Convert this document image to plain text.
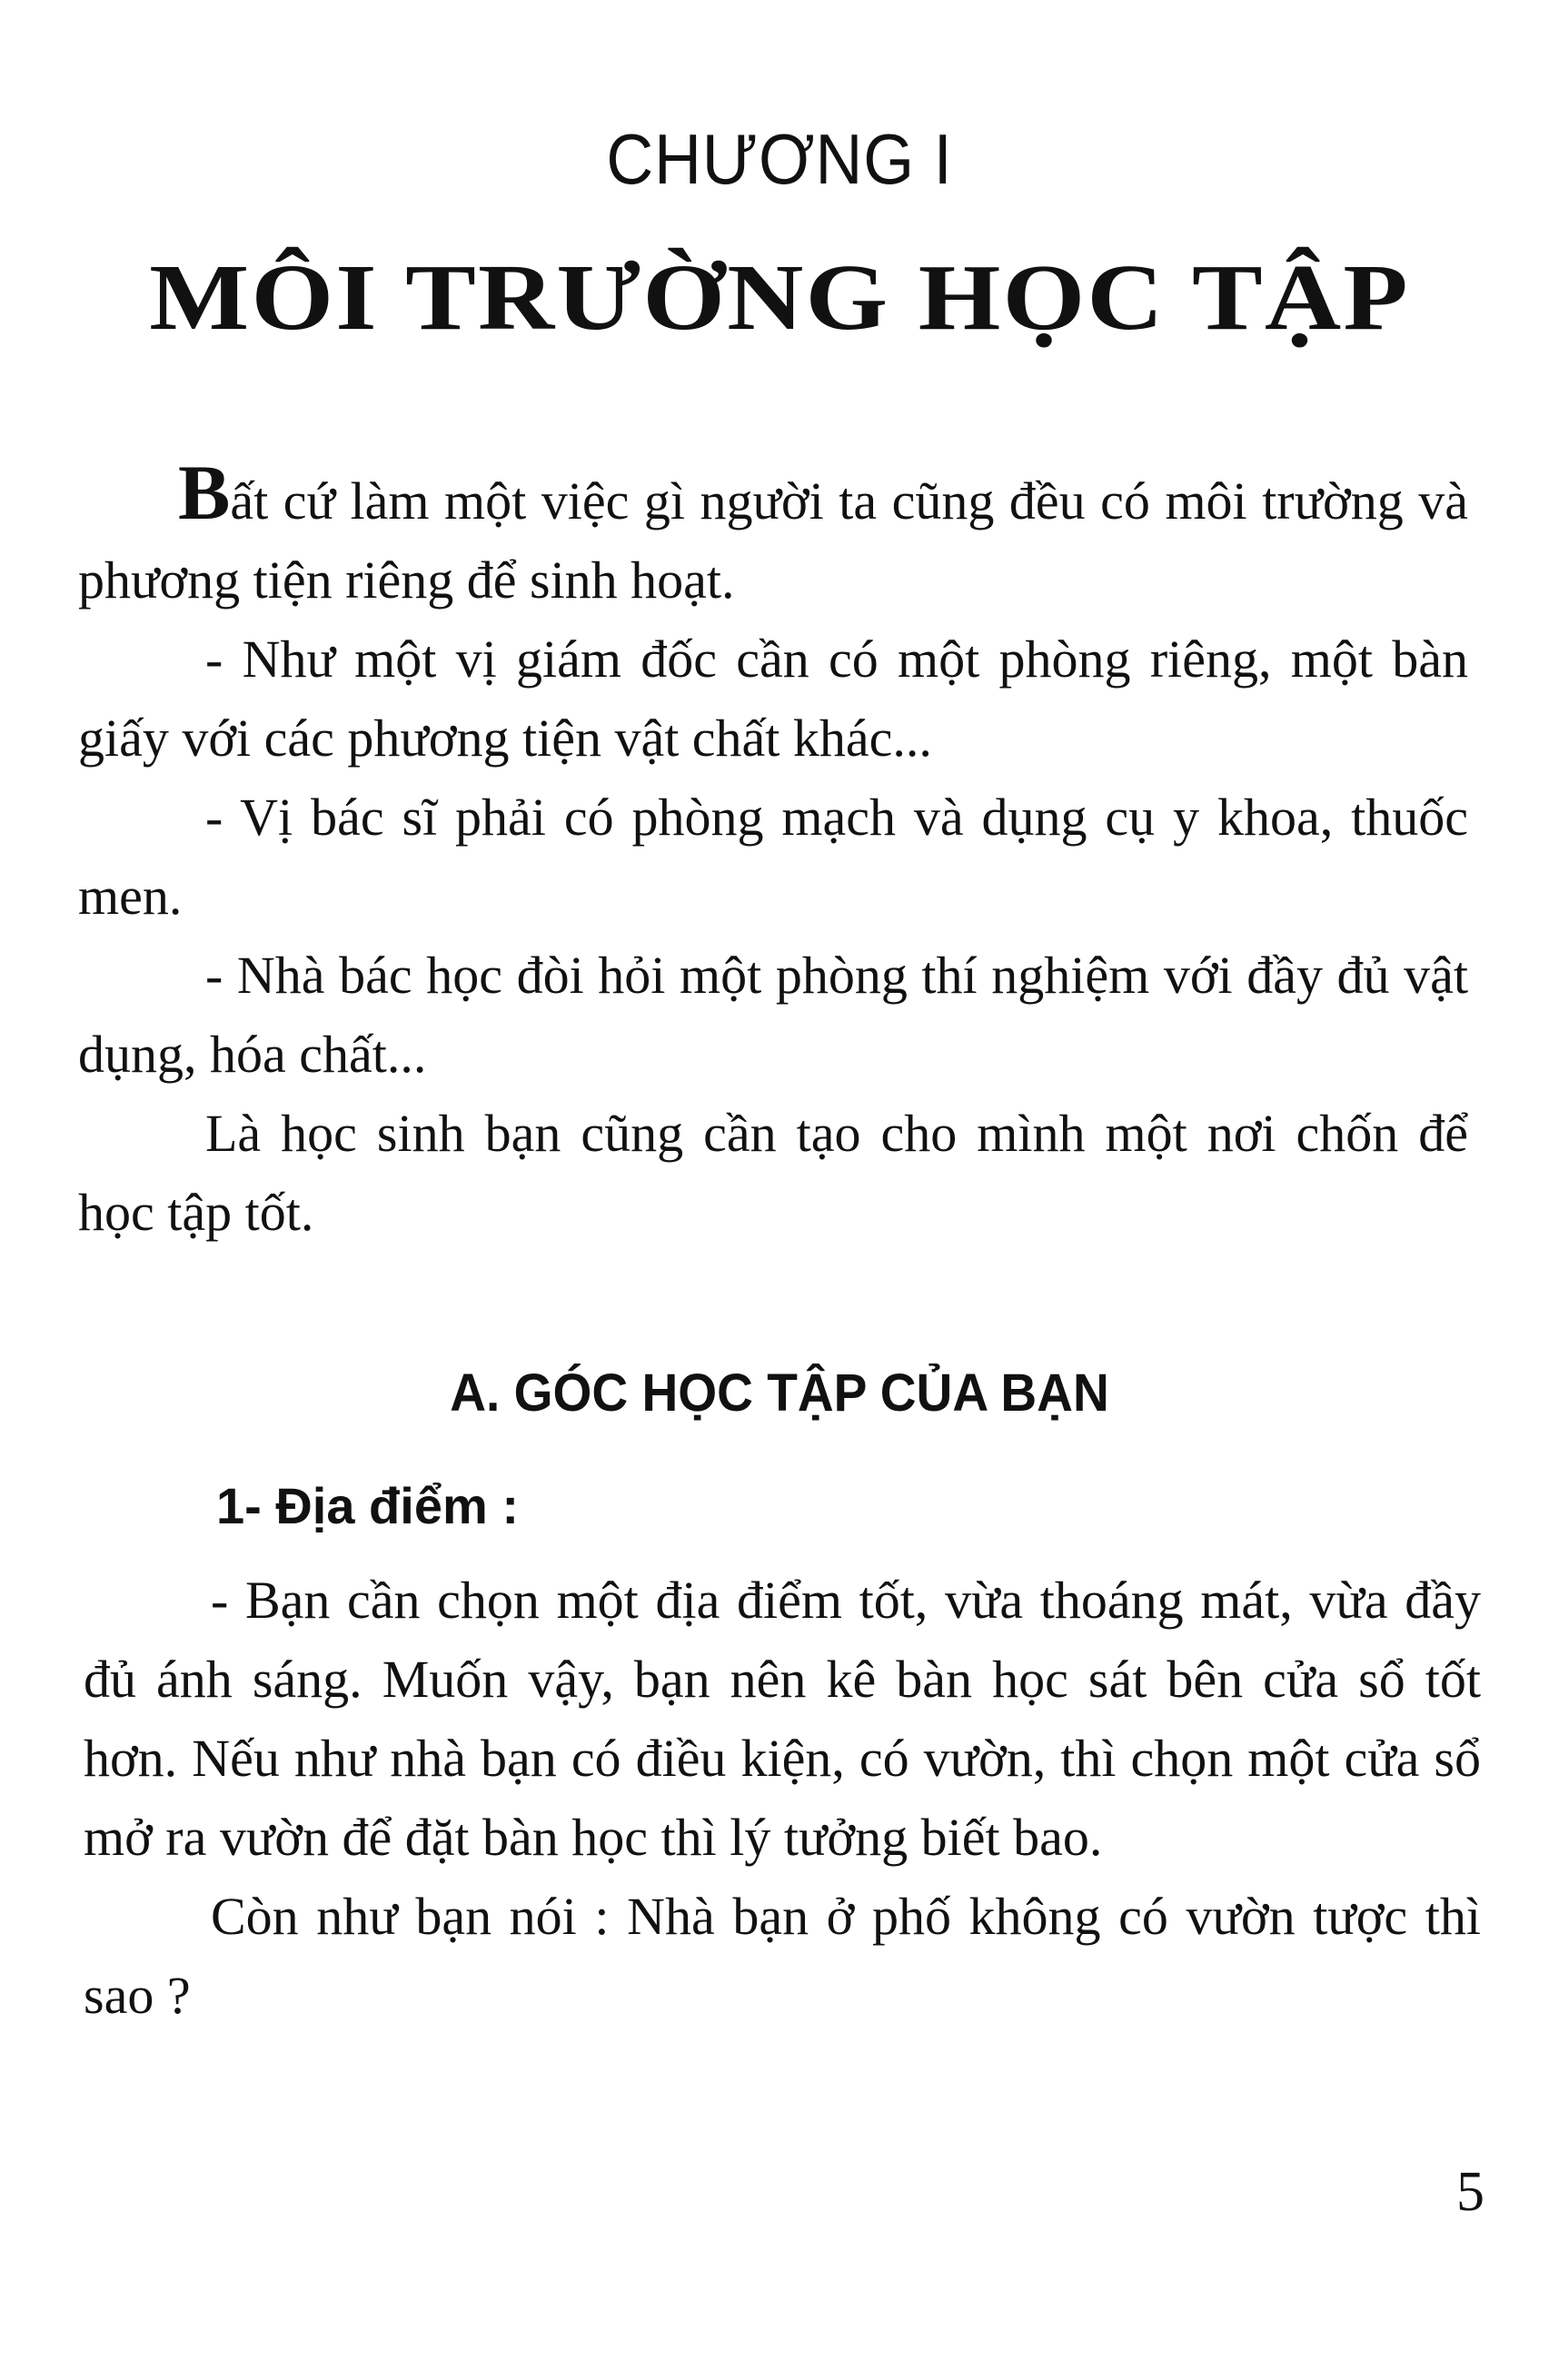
CHƯƠNG I
MÔI TRƯỜNG HỌC TẬP

Bất cứ làm một việc gì người ta cũng đều có môi trường và phương tiện riêng để sinh hoạt.

- Như một vị giám đốc cần có một phòng riêng, một bàn giấy với các phương tiện vật chất khác...

- Vị bác sĩ phải có phòng mạch và dụng cụ y khoa, thuốc men.

- Nhà bác học đòi hỏi một phòng thí nghiệm với đầy đủ vật dụng, hóa chất...

Là học sinh bạn cũng cần tạo cho mình một nơi chốn để học tập tốt.

A. GÓC HỌC TẬP CỦA BẠN
1- Địa điểm :

- Bạn cần chọn một địa điểm tốt, vừa thoáng mát, vừa đầy đủ ánh sáng. Muốn vậy, bạn nên kê bàn học sát bên cửa sổ tốt hơn. Nếu như nhà bạn có điều kiện, có vườn, thì chọn một cửa sổ mở ra vườn để đặt bàn học thì lý tưởng biết bao.

Còn như bạn nói : Nhà bạn ở phố không có vườn tược thì sao ?

5
